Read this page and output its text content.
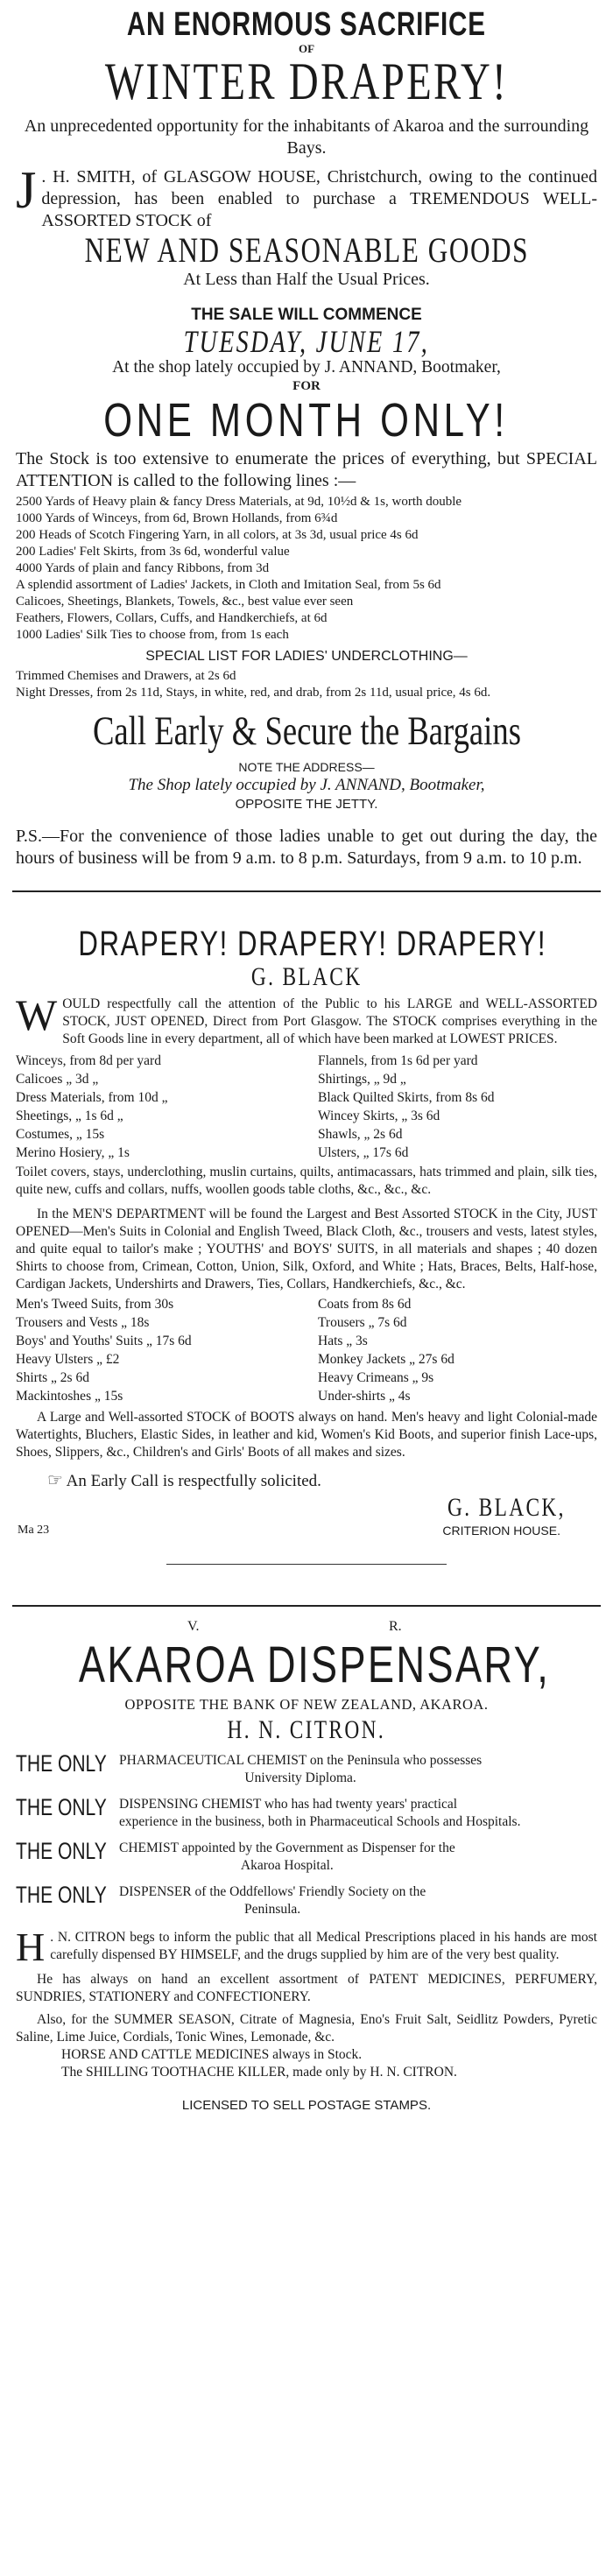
AN ENORMOUS SACRIFICE
OF
WINTER DRAPERY!
An unprecedented opportunity for the inhabitants of Akaroa and the surrounding Bays.
J . H. SMITH, of GLASGOW HOUSE, Christchurch, owing to the continued depression, has been enabled to purchase a TREMENDOUS WELL-ASSORTED STOCK of
NEW AND SEASONABLE GOODS
At Less than Half the Usual Prices.
THE SALE WILL COMMENCE
TUESDAY, JUNE 17,
At the shop lately occupied by J. ANNAND, Bootmaker,
FOR
ONE MONTH ONLY!
The Stock is too extensive to enumerate the prices of everything, but SPECIAL ATTENTION is called to the following lines :—
2500 Yards of Heavy plain & fancy Dress Materials, at 9d, 10½d & 1s, worth double
1000 Yards of Winceys, from 6d, Brown Hollands, from 6¾d
200 Heads of Scotch Fingering Yarn, in all colors, at 3s 3d, usual price 4s 6d
200 Ladies' Felt Skirts, from 3s 6d, wonderful value
4000 Yards of plain and fancy Ribbons, from 3d
A splendid assortment of Ladies' Jackets, in Cloth and Imitation Seal, from 5s 6d
Calicoes, Sheetings, Blankets, Towels, &c., best value ever seen
Feathers, Flowers, Collars, Cuffs, and Handkerchiefs, at 6d
1000 Ladies' Silk Ties to choose from, from 1s each
SPECIAL LIST FOR LADIES' UNDERCLOTHING—
Trimmed Chemises and Drawers, at 2s 6d
Night Dresses, from 2s 11d, Stays, in white, red, and drab, from 2s 11d, usual price, 4s 6d.
Call Early & Secure the Bargains
NOTE THE ADDRESS—
The Shop lately occupied by J. ANNAND, Bootmaker,
OPPOSITE THE JETTY.
P.S.—For the convenience of those ladies unable to get out during the day, the hours of business will be from 9 a.m. to 8 p.m. Saturdays, from 9 a.m. to 10 p.m.
DRAPERY! DRAPERY! DRAPERY!
G. BLACK
WOULD respectfully call the attention of the Public to his LARGE and WELL-ASSORTED STOCK, JUST OPENED, Direct from Port Glasgow. The STOCK comprises everything in the Soft Goods line in every department, all of which have been marked at LOWEST PRICES.
Winceys, from 8d per yard	Flannels, from 1s 6d per yard
Calicoes „ 3d „	Shirtings, „ 9d „
Dress Materials, from 10d „	Black Quilted Skirts, from 8s 6d
Sheetings, „ 1s 6d „	Wincey Skirts, „ 3s 6d
Costumes, „ 15s	Shawls, „ 2s 6d
Merino Hosiery, „ 1s	Ulsters, „ 17s 6d
Toilet covers, stays, underclothing, muslin curtains, quilts, antimacassars, hats trimmed and plain, silk ties, quite new, cuffs and collars, nuffs, woollen goods table cloths, &c., &c., &c.
In the MEN'S DEPARTMENT will be found the Largest and Best Assorted STOCK in the City, JUST OPENED—Men's Suits in Colonial and English Tweed, Black Cloth, &c., trousers and vests, latest styles, and quite equal to tailor's make ; YOUTHS' and BOYS' SUITS, in all materials and shapes ; 40 dozen Shirts to choose from, Crimean, Cotton, Union, Silk, Oxford, and White ; Hats, Braces, Belts, Half-hose, Cardigan Jackets, Undershirts and Drawers, Ties, Collars, Handkerchiefs, &c., &c.
Men's Tweed Suits, from 30s	Coats from 8s 6d
Trousers and Vests „ 18s	Trousers „ 7s 6d
Boys' and Youths' Suits „ 17s 6d	Hats „ 3s
Heavy Ulsters „ £2	Monkey Jackets „ 27s 6d
Shirts „ 2s 6d	Heavy Crimeans „ 9s
Mackintoshes „ 15s	Under-shirts „ 4s
A Large and Well-assorted STOCK of BOOTS always on hand. Men's heavy and light Colonial-made Watertights, Bluchers, Elastic Sides, in leather and kid, Women's Kid Boots, and superior finish Lace-ups, Shoes, Slippers, &c., Children's and Girls' Boots of all makes and sizes.
☞ An Early Call is respectfully solicited.
G. BLACK,
Ma 23	CRITERION HOUSE.
V.	R.
AKAROA DISPENSARY,
OPPOSITE THE BANK OF NEW ZEALAND, AKAROA.
H. N. CITRON.
THE ONLY PHARMACEUTICAL CHEMIST on the Peninsula who possesses
University Diploma.
THE ONLY DISPENSING CHEMIST who has had twenty years' practical
experience in the business, both in Pharmaceutical Schools and Hospitals.
THE ONLY CHEMIST appointed by the Government as Dispenser for the
Akaroa Hospital.
THE ONLY DISPENSER of the Oddfellows' Friendly Society on the
Peninsula.
H . N. CITRON begs to inform the public that all Medical Prescriptions placed in his hands are most carefully dispensed BY HIMSELF, and the drugs supplied by him are of the very best quality.
He has always on hand an excellent assortment of PATENT MEDICINES, PERFUMERY, SUNDRIES, STATIONERY and CONFECTIONERY.
Also, for the SUMMER SEASON, Citrate of Magnesia, Eno's Fruit Salt, Seidlitz Powders, Pyretic Saline, Lime Juice, Cordials, Tonic Wines, Lemonade, &c.
HORSE AND CATTLE MEDICINES always in Stock.
The SHILLING TOOTHACHE KILLER, made only by H. N. CITRON.
LICENSED TO SELL POSTAGE STAMPS.
